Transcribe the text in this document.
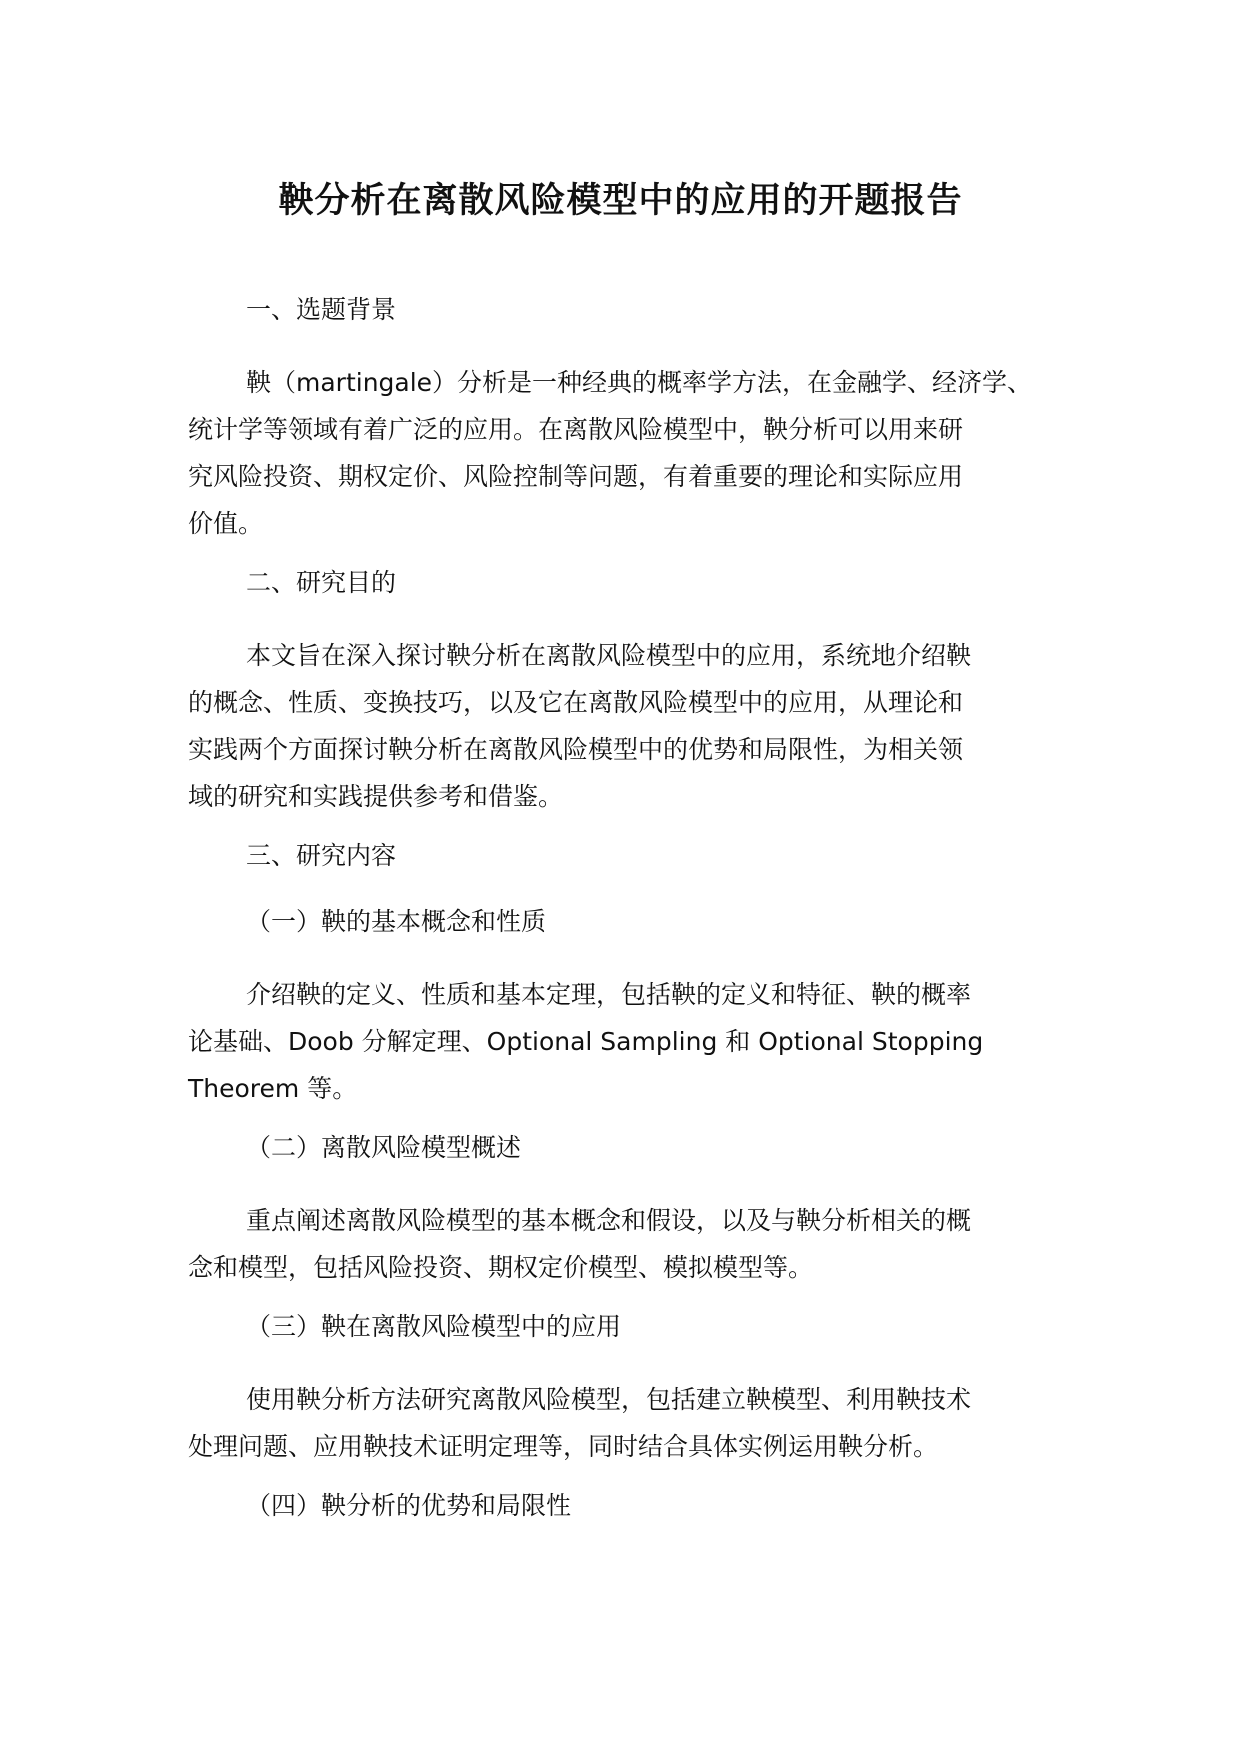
鞅分析在离散风险模型中的应用的开题报告

一、选题背景

鞅（martingale）分析是一种经典的概率学方法，在金融学、经济学、
统计学等领域有着广泛的应用。在离散风险模型中，鞅分析可以用来研
究风险投资、期权定价、风险控制等问题，有着重要的理论和实际应用
价值。

二、研究目的

本文旨在深入探讨鞅分析在离散风险模型中的应用，系统地介绍鞅
的概念、性质、变换技巧，以及它在离散风险模型中的应用，从理论和
实践两个方面探讨鞅分析在离散风险模型中的优势和局限性，为相关领
域的研究和实践提供参考和借鉴。

三、研究内容

（一）鞅的基本概念和性质

介绍鞅的定义、性质和基本定理，包括鞅的定义和特征、鞅的概率
论基础、Doob 分解定理、Optional Sampling 和 Optional Stopping
Theorem 等。

（二）离散风险模型概述

重点阐述离散风险模型的基本概念和假设，以及与鞅分析相关的概
念和模型，包括风险投资、期权定价模型、模拟模型等。

（三）鞅在离散风险模型中的应用

使用鞅分析方法研究离散风险模型，包括建立鞅模型、利用鞅技术
处理问题、应用鞅技术证明定理等，同时结合具体实例运用鞅分析。

（四）鞅分析的优势和局限性
